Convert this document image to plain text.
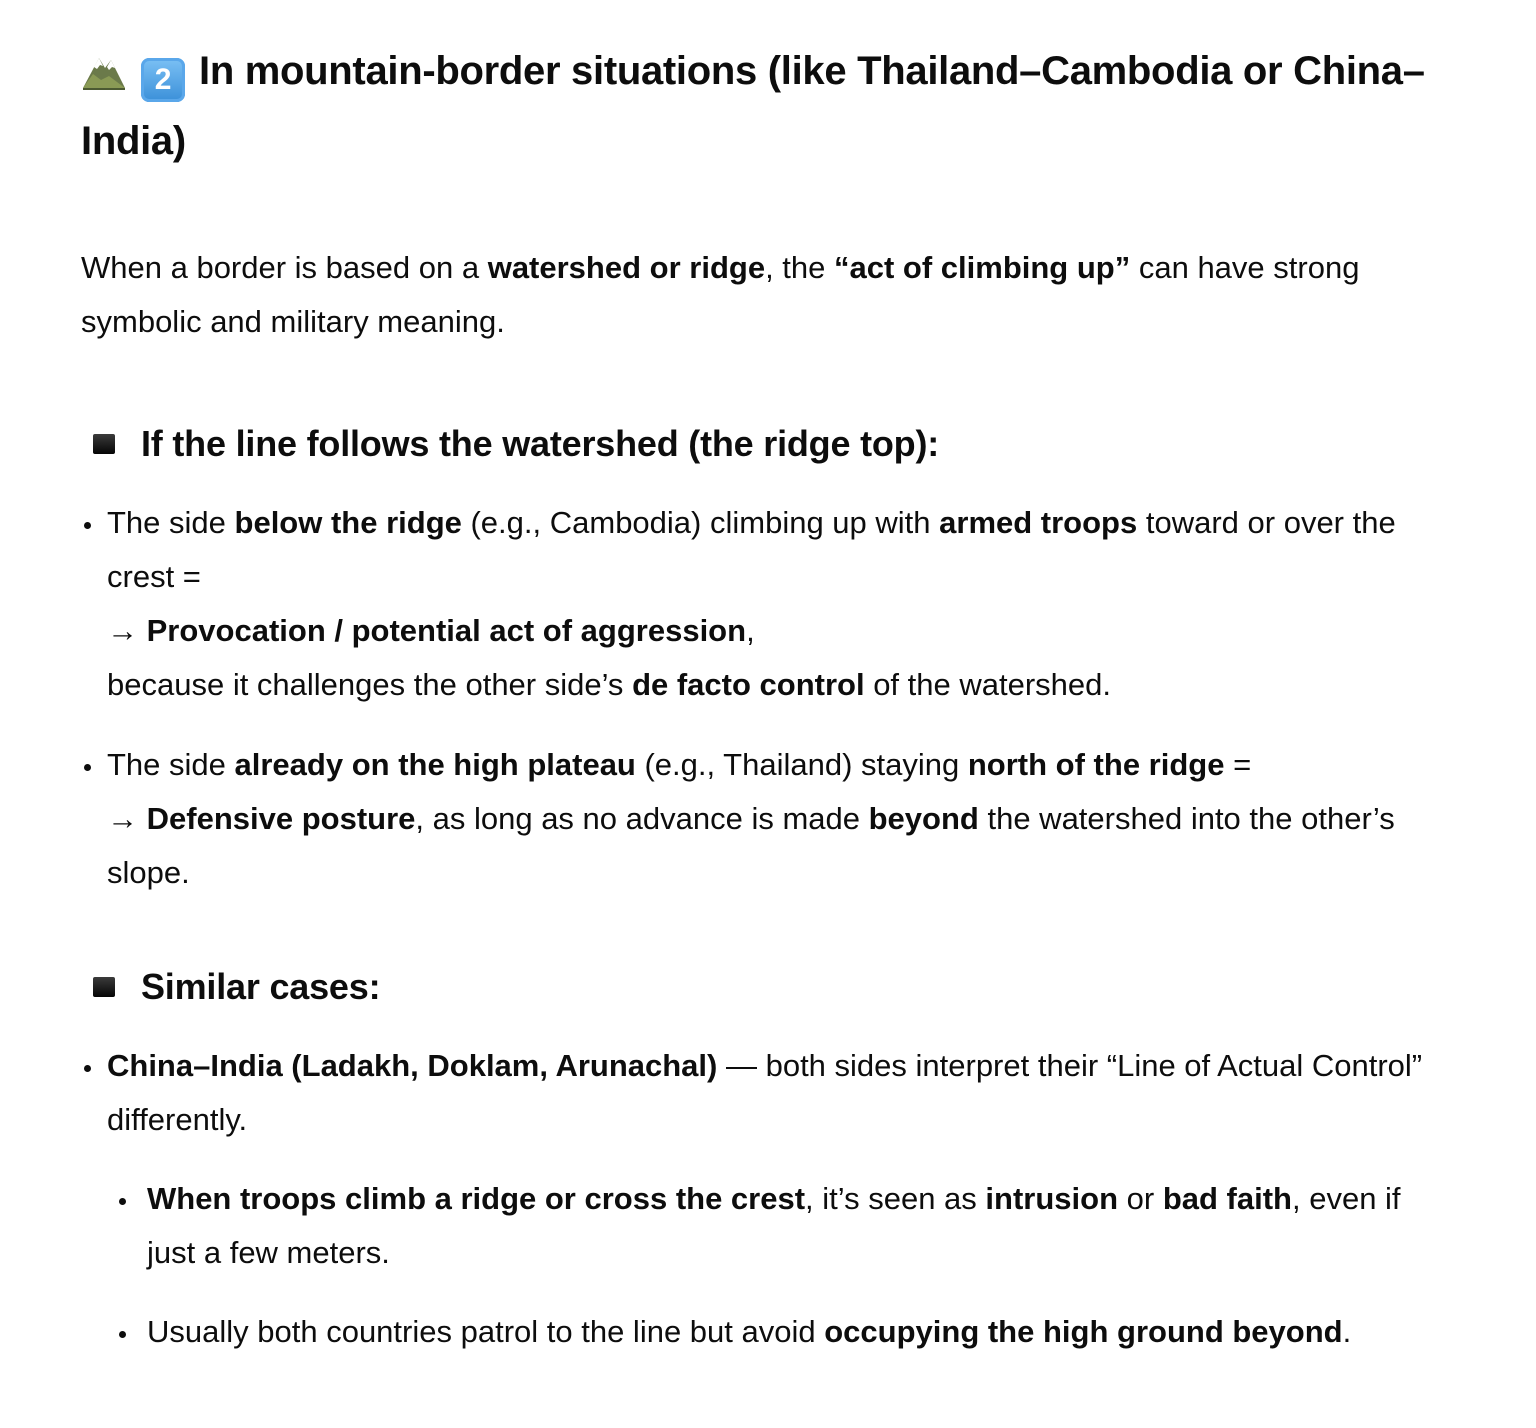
2 In mountain-border situations (like Thailand–Cambodia or China–India)

When a border is based on a watershed or ridge, the “act of climbing up” can have strong symbolic and military meaning.

If the line follows the watershed (the ridge top):
The side below the ridge (e.g., Cambodia) climbing up with armed troops toward or over the crest =
→ Provocation / potential act of aggression,
because it challenges the other side’s de facto control of the watershed.
The side already on the high plateau (e.g., Thailand) staying north of the ridge =
→ Defensive posture, as long as no advance is made beyond the watershed into the other’s slope.
Similar cases:
China–India (Ladakh, Doklam, Arunachal) — both sides interpret their “Line of Actual Control” differently.
When troops climb a ridge or cross the crest, it’s seen as intrusion or bad faith, even if just a few meters.
Usually both countries patrol to the line but avoid occupying the high ground beyond.
